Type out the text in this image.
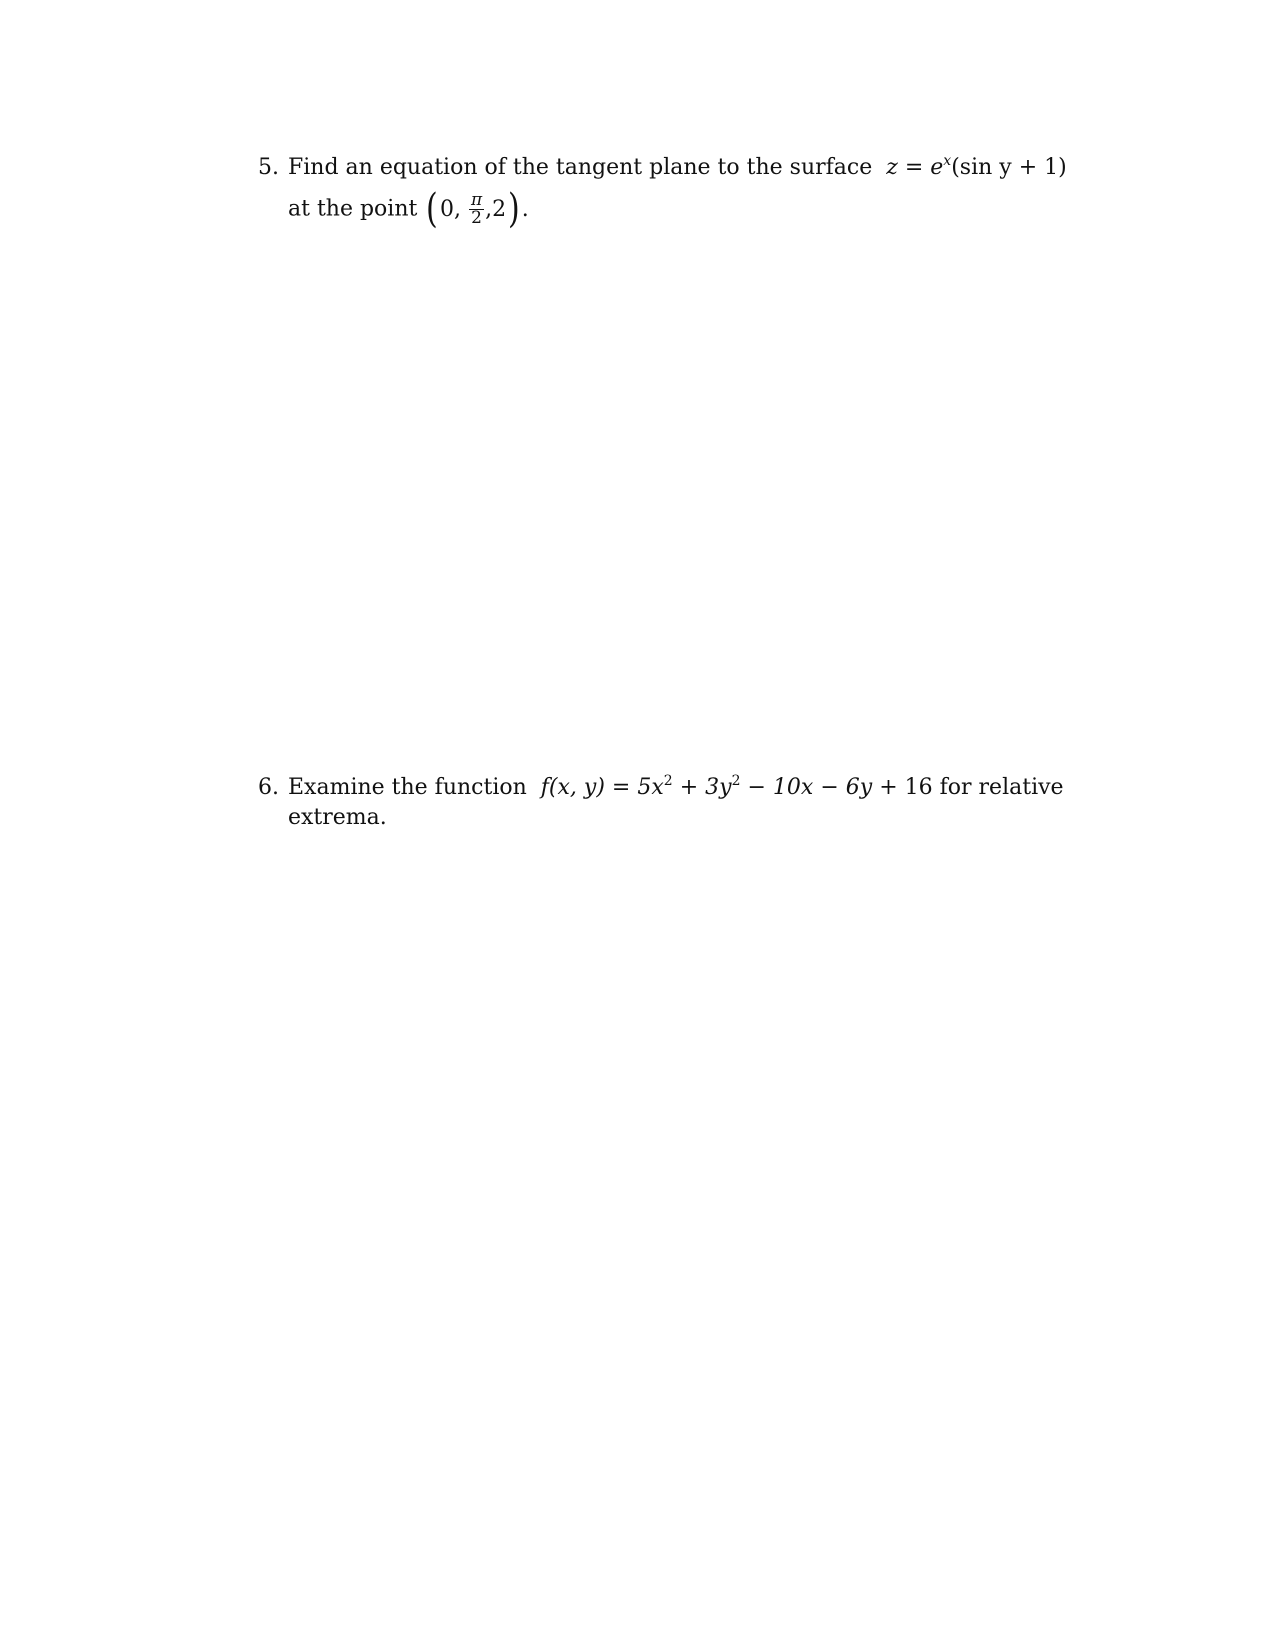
5. Find an equation of the tangent plane to the surface $z = e^x(\sin$ y + 1)
at the point (0, $\frac{\pi}{2} ,2$).
6. Examine the function f(x, $y) = 5x^2 + 3y^2 - 10x - 6y + 16$ for relative
extrema.
